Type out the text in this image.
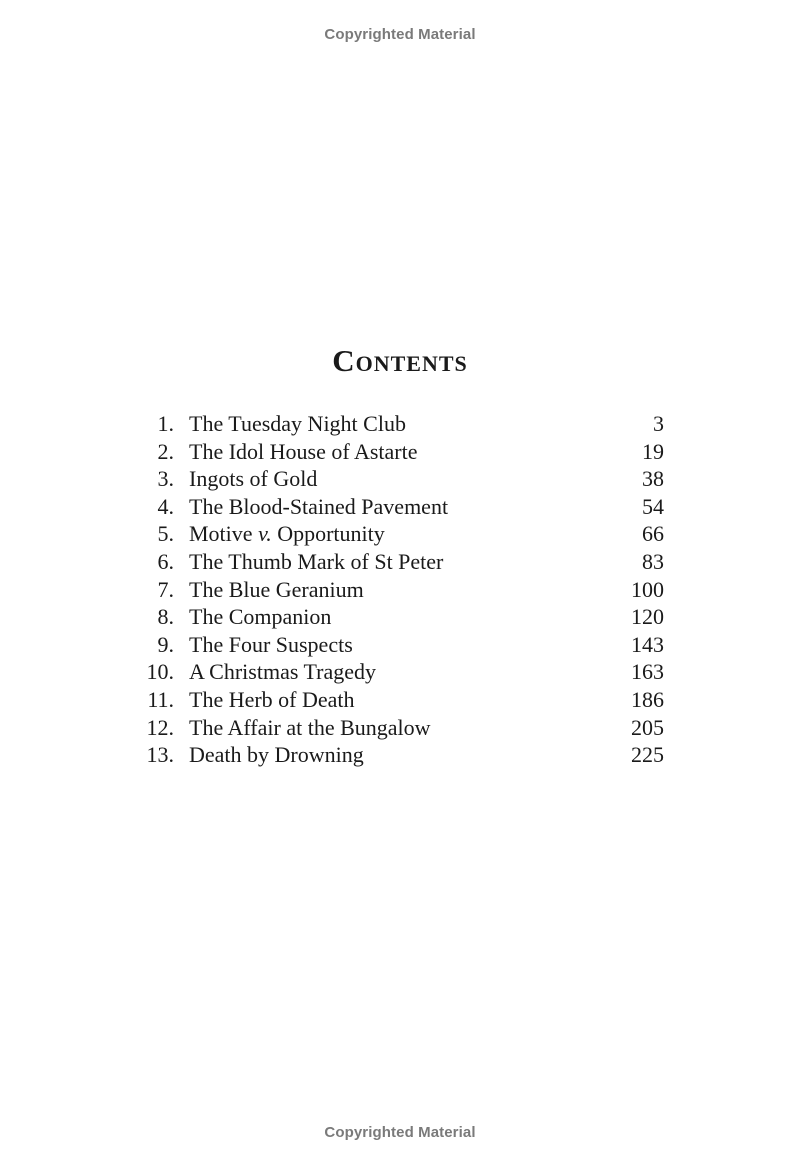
Copyrighted Material
Contents
1. The Tuesday Night Club	3
2. The Idol House of Astarte	19
3. Ingots of Gold	38
4. The Blood-Stained Pavement	54
5. Motive v. Opportunity	66
6. The Thumb Mark of St Peter	83
7. The Blue Geranium	100
8. The Companion	120
9. The Four Suspects	143
10. A Christmas Tragedy	163
11. The Herb of Death	186
12. The Affair at the Bungalow	205
13. Death by Drowning	225
Copyrighted Material
